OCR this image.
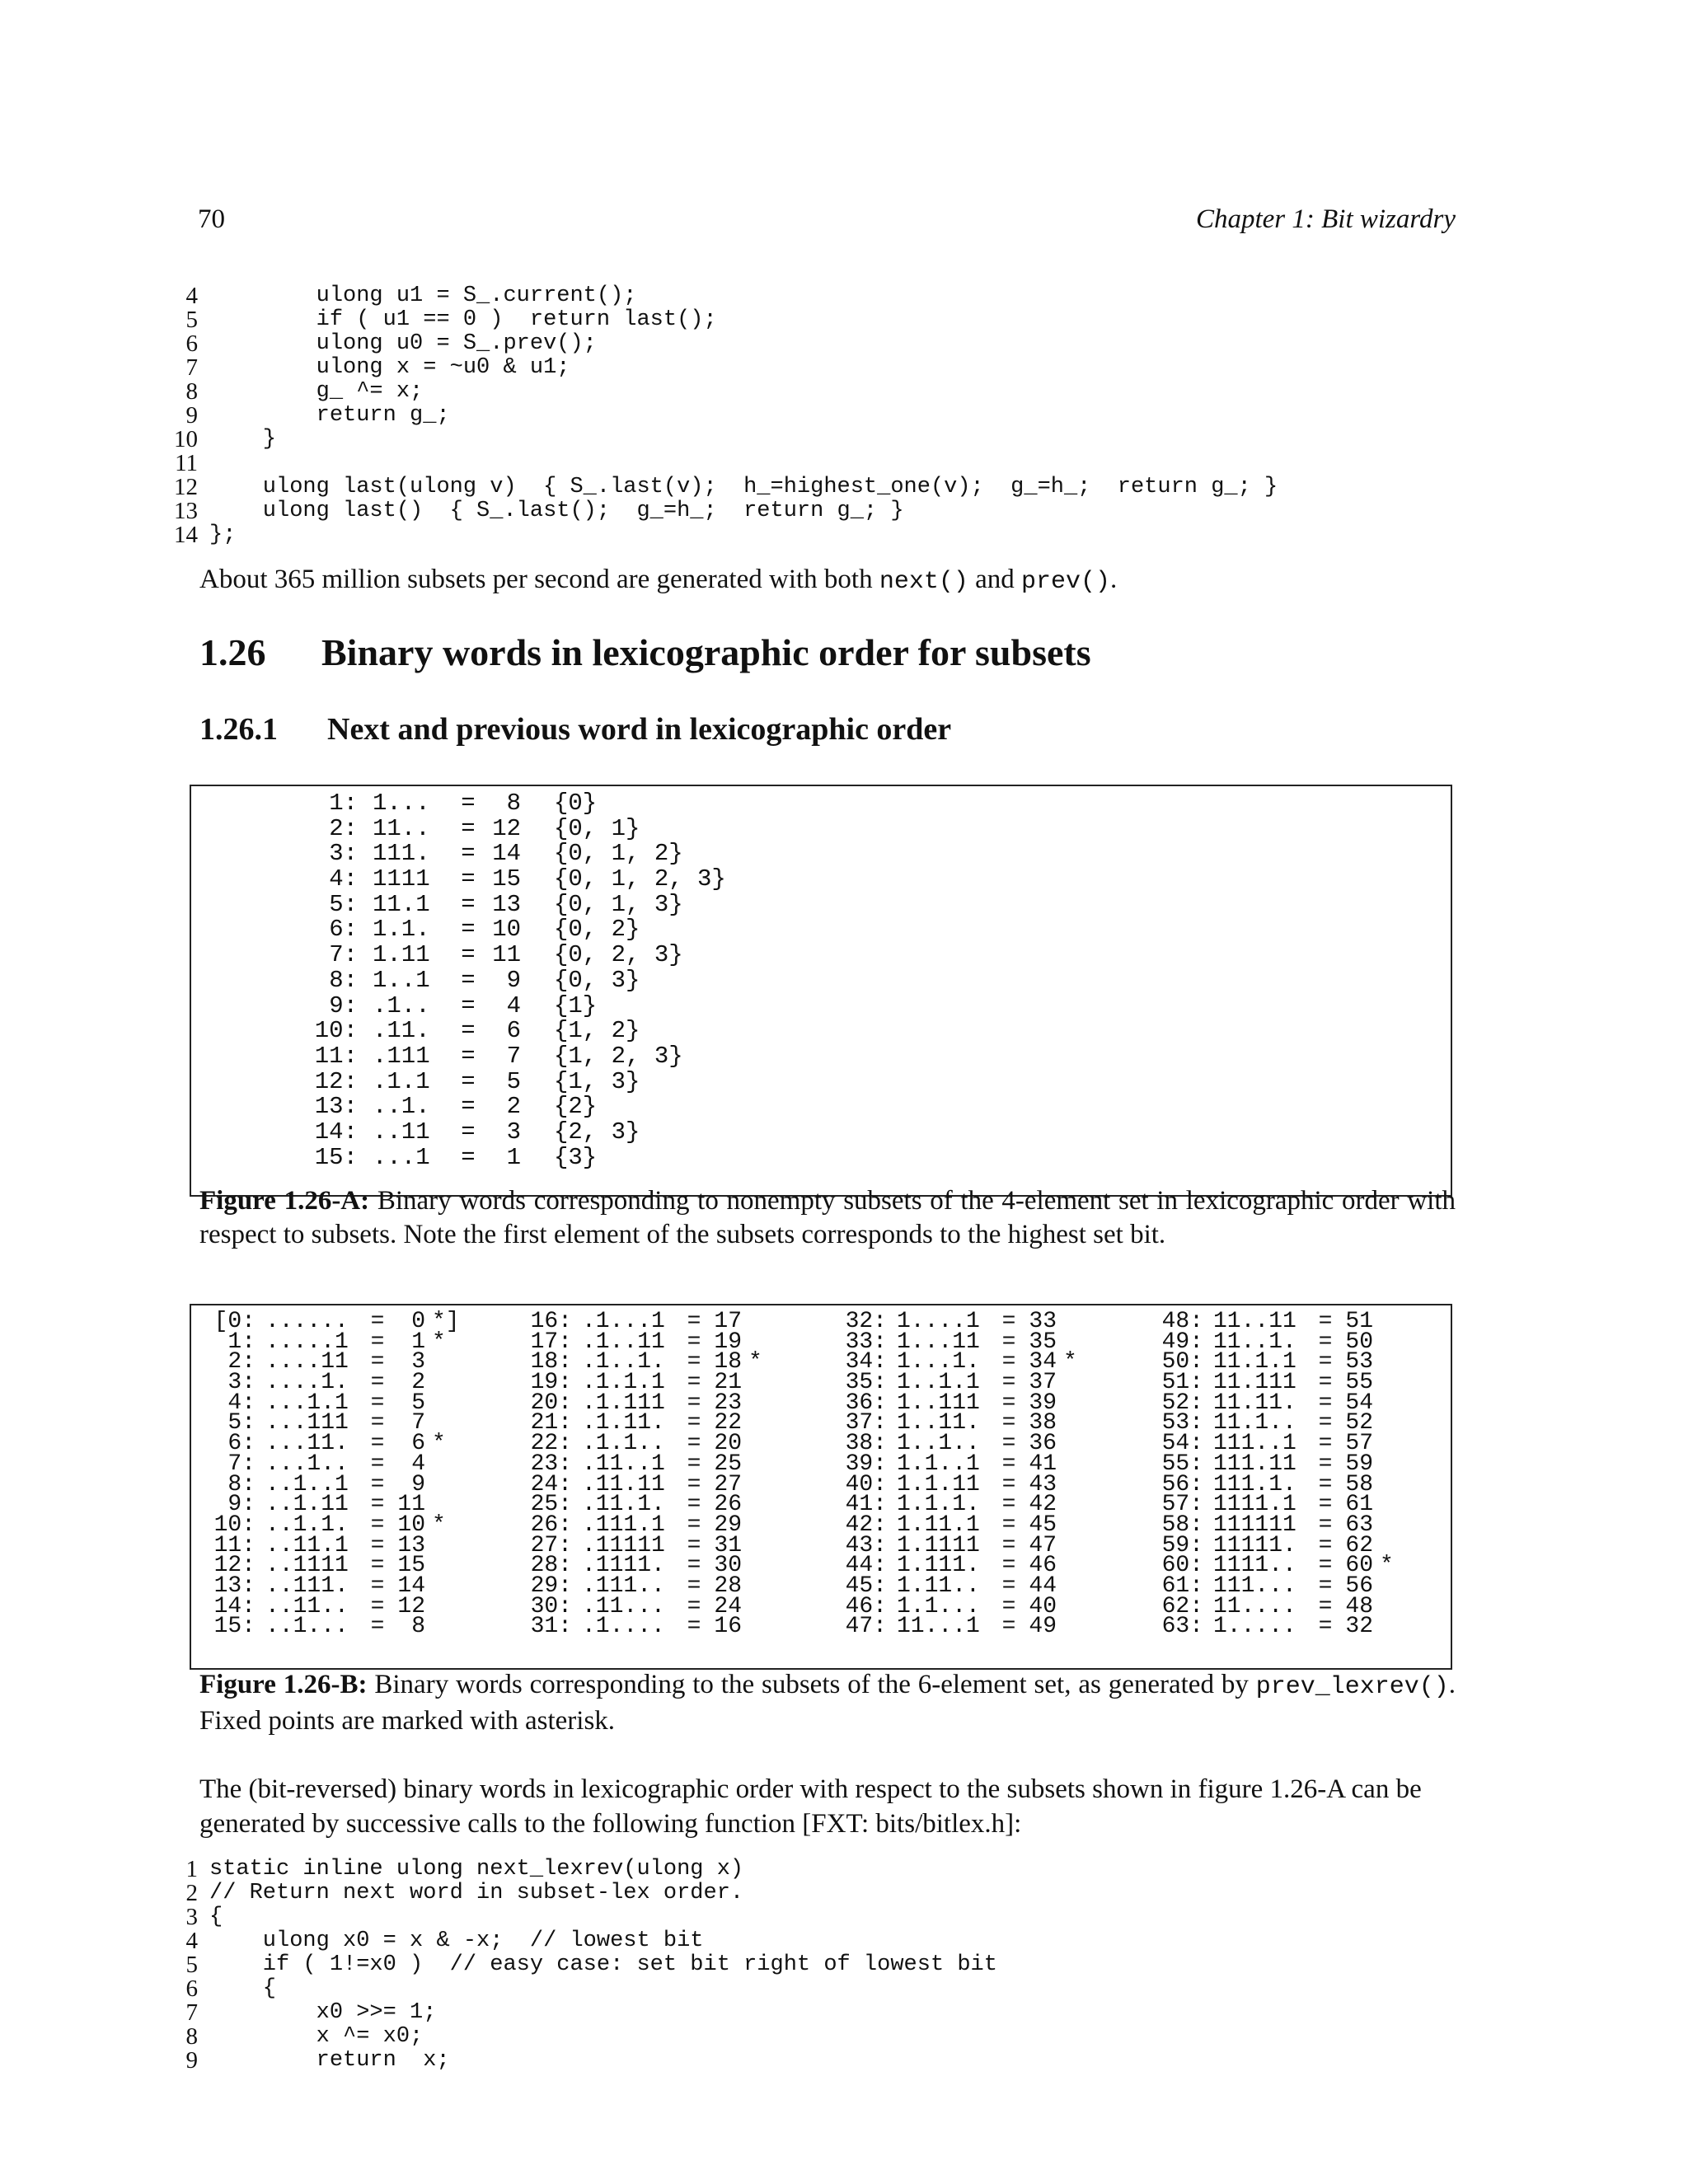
70	Chapter 1: Bit wizardry
4 ulong u1 = S_.current();
5 if ( u1 == 0 )  return last();
6 ulong u0 = S_.prev();
7 ulong x = ~u0 & u1;
8 g_ ^= x;
9 return g_;
10 }
11
12 ulong last(ulong v)  { S_.last(v);  h_=highest_one(v);  g_=h_;  return g_; }
13 ulong last()  { S_.last();  g_=h_;  return g_; }
14 };
About 365 million subsets per second are generated with both next() and prev().
1.26 Binary words in lexicographic order for subsets
1.26.1 Next and previous word in lexicographic order
1: 1...	=	8	{0}
2: 11..	= 12	{0, 1}
3: 111.	= 14	{0, 1, 2}
4: 1111	= 15	{0, 1, 2, 3}
5: 11.1	= 13	{0, 1, 3}
6: 1.1.	= 10	{0, 2}
7: 1.11	= 11	{0, 2, 3}
8: 1..1	=	9	{0, 3}
9: .1..	=	4	{1}
10: .11.	=	6	{1, 2}
11: .111	=	7	{1, 2, 3}
12: .1.1	=	5	{1, 3}
13: ..1.	=	2	{2}
14: ..11	=	3	{2, 3}
15: ...1	=	1	{3}
Figure 1.26-A: Binary words corresponding to nonempty subsets of the 4-element set in lexicographic order with respect to subsets. Note the first element of the subsets corresponds to the highest set bit.
[0: ...... =	0 *]
1: .....1 =	1 *
2: ....11 =	3
3: ....1. =	2
4: ...1.1 =	5
5: ...111 =	7
6: ...11. =	6 *
7: ...1.. =	4
8: ..1..1 =	9
9: ..1.11 = 11
10: ..1.1. = 10 *
11: ..11.1 = 13
12: ..1111 = 15
13: ..111. = 14
14: ..11.. = 12
15: ..1... =	8
16: .1...1 = 17
17: .1..11 = 19
18: .1..1. = 18 *
19: .1.1.1 = 21
20: .1.111 = 23
21: .1.11. = 22
22: .1.1.. = 20
23: .11..1 = 25
24: .11.11 = 27
25: .11.1. = 26
26: .111.1 = 29
27: .11111 = 31
28: .1111. = 30
29: .111.. = 28
30: .11... = 24
31: .1.... = 16
32: 1....1 = 33
33: 1...11 = 35
34: 1...1. = 34 *
35: 1..1.1 = 37
36: 1..111 = 39
37: 1..11. = 38
38: 1..1.. = 36
39: 1.1..1 = 41
40: 1.1.11 = 43
41: 1.1.1. = 42
42: 1.11.1 = 45
43: 1.1111 = 47
44: 1.111. = 46
45: 1.11.. = 44
46: 1.1... = 40
47: 11...1 = 49
48: 11..11 = 51
49: 11..1. = 50
50: 11.1.1 = 53
51: 11.111 = 55
52: 11.11. = 54
53: 11.1.. = 52
54: 111..1 = 57
55: 111.11 = 59
56: 111.1. = 58
57: 1111.1 = 61
58: 111111 = 63
59: 11111. = 62
60: 1111.. = 60 *
61: 111... = 56
62: 11.... = 48
63: 1..... = 32
Figure 1.26-B: Binary words corresponding to the subsets of the 6-element set, as generated by prev_lexrev(). Fixed points are marked with asterisk.
The (bit-reversed) binary words in lexicographic order with respect to the subsets shown in figure 1.26-A can be generated by successive calls to the following function [FXT: bits/bitlex.h]:
1 static inline ulong next_lexrev(ulong x)
2 // Return next word in subset-lex order.
3 {
4 ulong x0 = x & -x;  // lowest bit
5 if ( 1!=x0 )  // easy case: set bit right of lowest bit
6 {
7 x0 >>= 1;
8 x ^= x0;
9 return  x;
